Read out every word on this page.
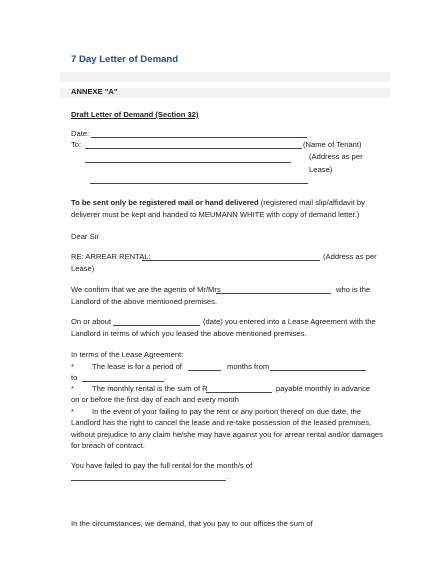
7 Day Letter of Demand
ANNEXE "A"
Draft Letter of Demand (Section 32)
Date:
To:	(Name of Tenant)
(Address as per
Lease)
To be sent only be registered mail or hand delivered (registered mail slip/affidavit by
deliverer must be kept and handed to MEUMANN WHITE with copy of demand letter.)
Dear Sir
RE: ARREAR RENTAL:	(Address as per
Lease)
We confirm that we are the agents of Mr/Mrs	who is the
Landlord of the above mentioned premises.
On or about	(date) you entered into a Lease Agreement with the
Landlord in terms of which you leased the above mentioned premises.
In terms of the Lease Agreement:
* The lease is for a period of	months from
to	.
* The monthly rental is the sum of R	payable monthly in advance
on or before the first day of each and every month
* In the event of your failing to pay the rent or any portion thereof on due date, the
Landlord has the right to cancel the lease and re-take possession of the leased premises,
without prejudice to any claim he/she may have against you for arrear rental and/or damages
for breach of contract.
You have failed to pay the full rental for the month/s of
.
In the circumstances, we demand, that you pay to our offices the sum of
